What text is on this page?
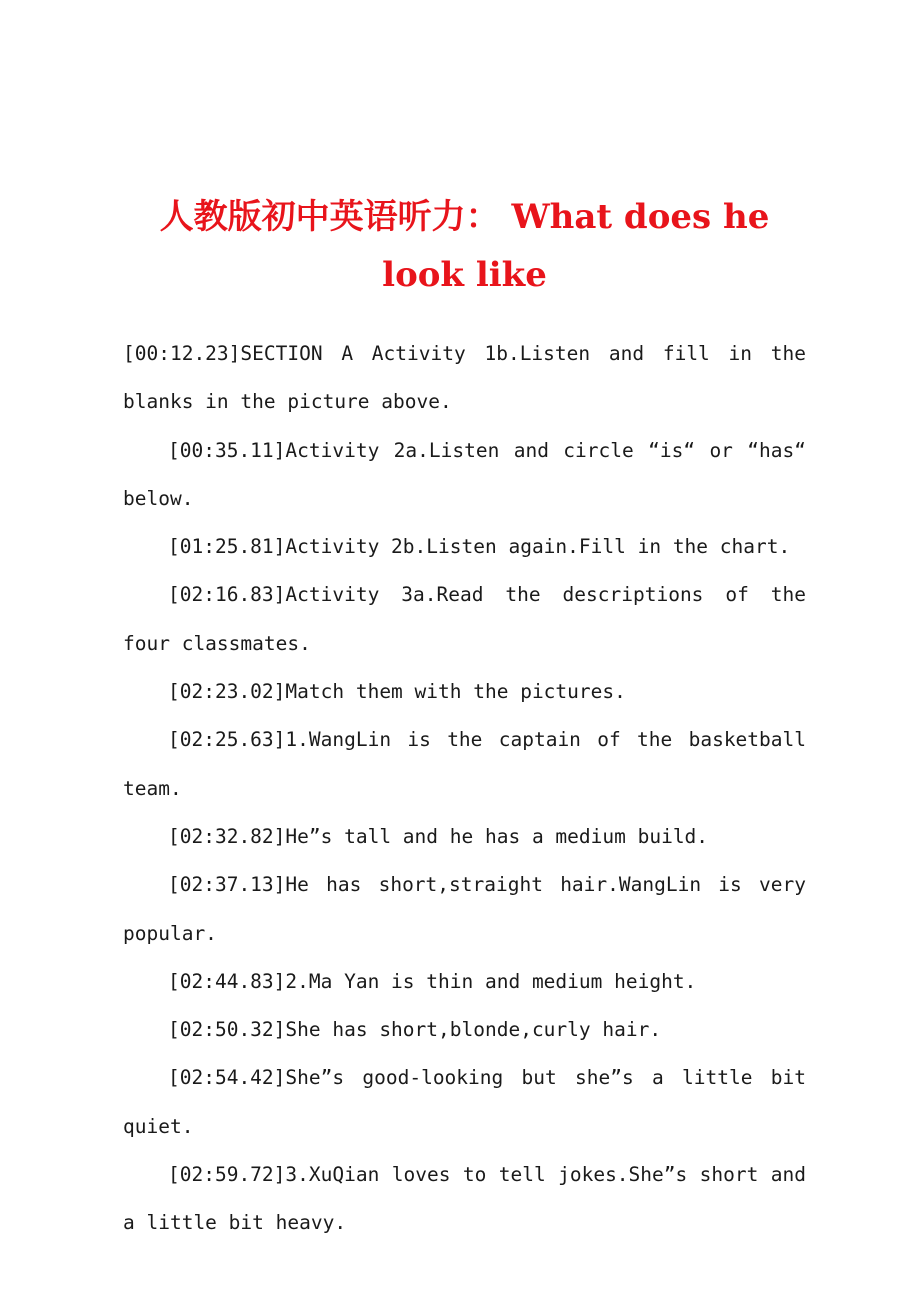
人教版初中英语听力： What does he look like

[00:12.23]SECTION A Activity 1b.Listen and fill in the blanks in the picture above.

[00:35.11]Activity 2a.Listen and circle “is“ or “has“ below.

[01:25.81]Activity 2b.Listen again.Fill in the chart.

[02:16.83]Activity 3a.Read the descriptions of the four classmates.

[02:23.02]Match them with the pictures.

[02:25.63]1.WangLin is the captain of the basketball team.

[02:32.82]He”s tall and he has a medium build.

[02:37.13]He has short,straight hair.WangLin is very popular.

[02:44.83]2.Ma Yan is thin and medium height.

[02:50.32]She has short,blonde,curly hair.

[02:54.42]She”s good-looking but she”s a little bit quiet.

[02:59.72]3.XuQian loves to tell jokes.She”s short and a little bit heavy.
